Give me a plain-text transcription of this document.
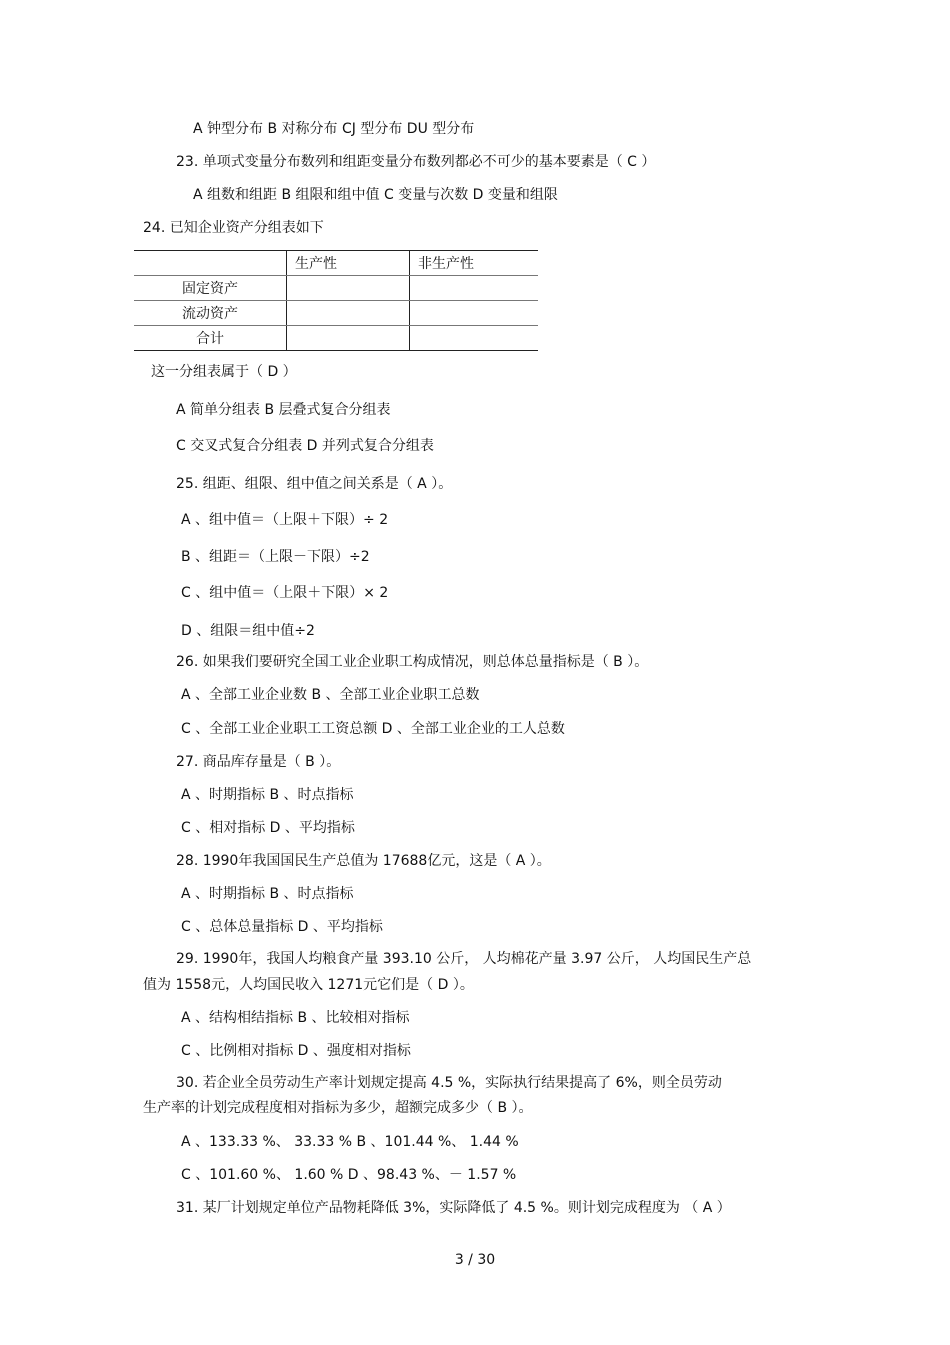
A 钟型分布 B 对称分布 CJ 型分布 DU 型分布
23. 单项式变量分布数列和组距变量分布数列都必不可少的基本要素是（ C ）
A 组数和组距 B 组限和组中值 C 变量与次数 D 变量和组限
24. 已知企业资产分组表如下
	生产性	非生产性
固定资产		
流动资产		
合计		
这一分组表属于（ D ）
A 简单分组表 B 层叠式复合分组表
C 交叉式复合分组表 D 并列式复合分组表
25. 组距、组限、组中值之间关系是（ A ）。
A 、组中值＝（上限＋下限）÷ 2
B 、组距＝（上限－下限）÷2
C 、组中值＝（上限＋下限）× 2
D 、组限＝组中值÷2
26. 如果我们要研究全国工业企业职工构成情况，则总体总量指标是（ B ）。
A 、全部工业企业数 B 、全部工业企业职工总数
C 、全部工业企业职工工资总额 D 、全部工业企业的工人总数
27. 商品库存量是（ B ）。
A 、时期指标 B 、时点指标
C 、相对指标 D 、平均指标
28. 1990年我国国民生产总值为 17688亿元，这是（ A ）。
A 、时期指标 B 、时点指标
C 、总体总量指标 D 、平均指标
29. 1990年，我国人均粮食产量 393.10 公斤， 人均棉花产量 3.97 公斤， 人均国民生产总
值为 1558元，人均国民收入 1271元它们是（ D ）。
A 、结构相结指标 B 、比较相对指标
C 、比例相对指标 D 、强度相对指标
30. 若企业全员劳动生产率计划规定提高 4.5 %，实际执行结果提高了 6%，则全员劳动
生产率的计划完成程度相对指标为多少，超额完成多少（ B ）。
A 、133.33 %、 33.33 % B 、101.44 %、 1.44 %
C 、101.60 %、 1.60 % D 、98.43 %、－ 1.57 %
31. 某厂计划规定单位产品物耗降低 3%，实际降低了 4.5 %。则计划完成程度为 （ A ）
3 / 30
